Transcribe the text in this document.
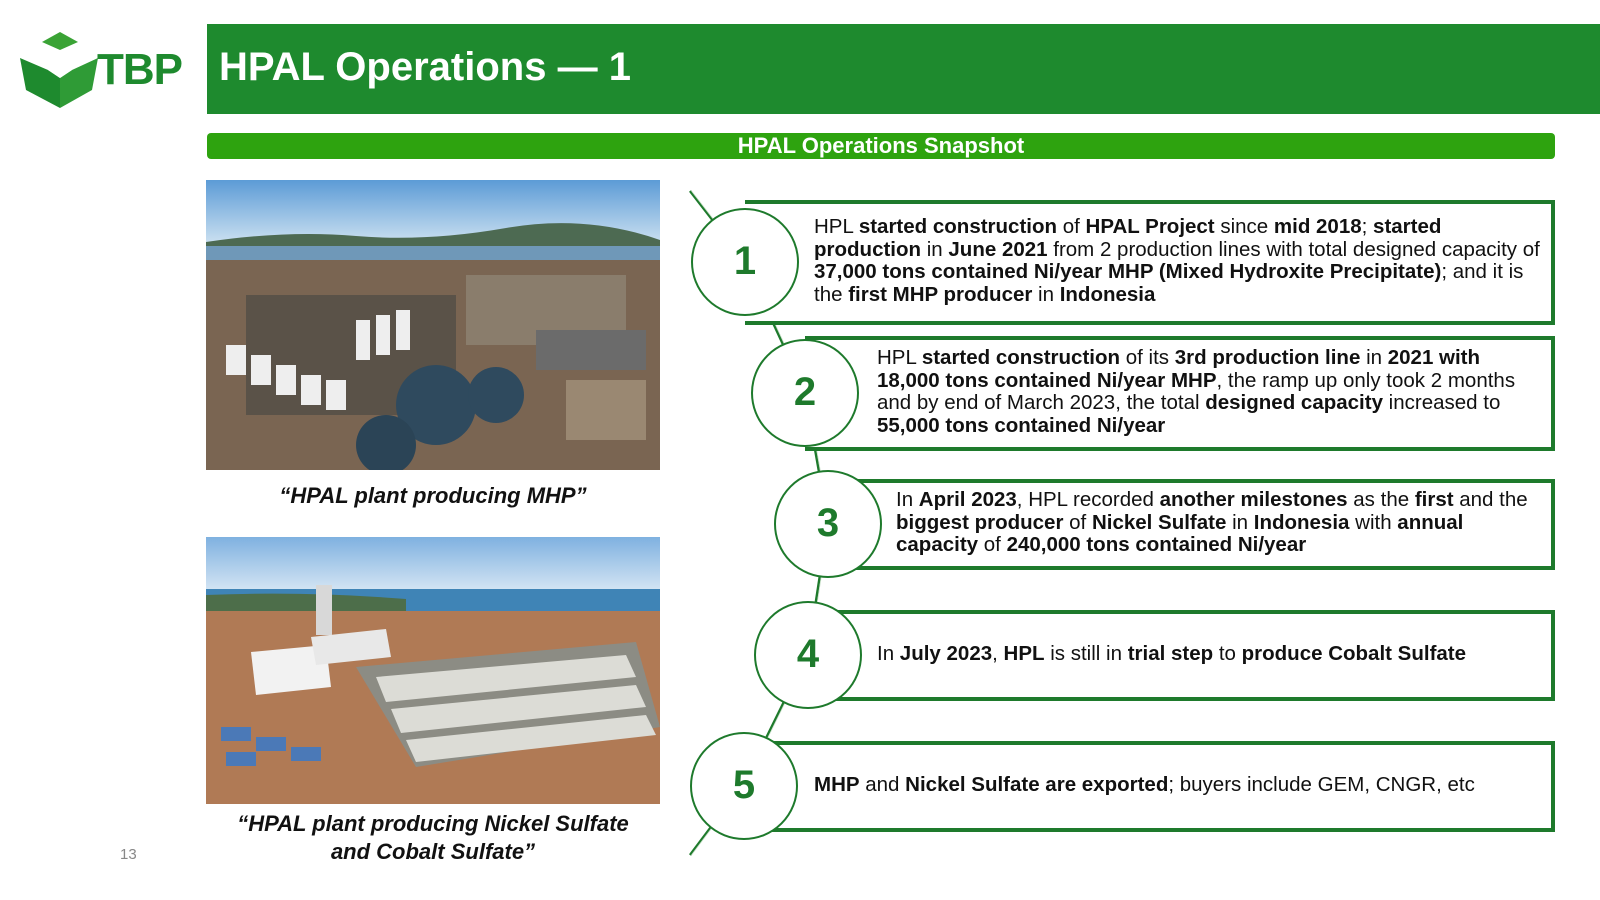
TBP HPAL Operations — 1
HPAL Operations Snapshot
“HPAL plant producing MHP”
“HPAL plant producing Nickel Sulfate
and Cobalt Sulfate”
13
1
HPL started construction of HPAL Project since mid 2018; started production in June 2021 from 2 production lines with total designed capacity of 37,000 tons contained Ni/year MHP (Mixed Hydroxite Precipitate); and it is the first MHP producer in Indonesia
2
HPL started construction of its 3rd production line in 2021 with 18,000 tons contained Ni/year MHP, the ramp up only took 2 months and by end of March 2023, the total designed capacity increased to 55,000 tons contained Ni/year
3
In April 2023, HPL recorded another milestones as the first and the biggest producer of Nickel Sulfate in Indonesia with annual capacity of 240,000 tons contained Ni/year
4	In July 2023, HPL is still in trial step to produce Cobalt Sulfate
5	MHP and Nickel Sulfate are exported; buyers include GEM, CNGR, etc
